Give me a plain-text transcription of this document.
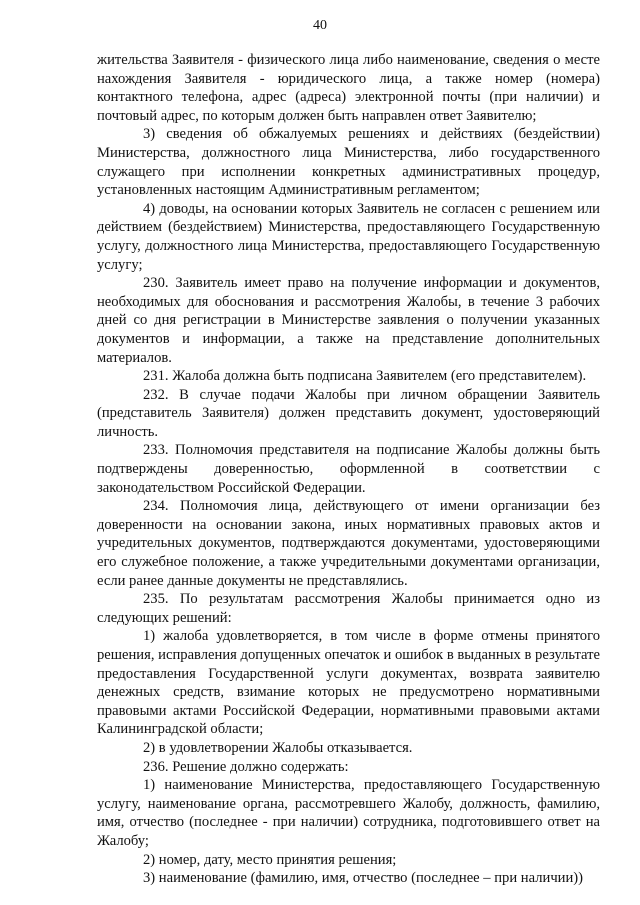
40

жительства Заявителя - физического лица либо наименование, сведения о месте нахождения Заявителя - юридического лица, а также номер (номера) контактного телефона, адрес (адреса) электронной почты (при наличии) и почтовый адрес, по которым должен быть направлен ответ Заявителю;

3) сведения об обжалуемых решениях и действиях (бездействии) Министерства, должностного лица Министерства, либо государственного служащего при исполнении конкретных административных процедур, установленных настоящим Административным регламентом;

4) доводы, на основании которых Заявитель не согласен с решением или действием (бездействием) Министерства, предоставляющего Государственную услугу, должностного лица Министерства, предоставляющего Государственную услугу;

230. Заявитель имеет право на получение информации и документов, необходимых для обоснования и рассмотрения Жалобы, в течение 3 рабочих дней со дня регистрации в Министерстве заявления о получении указанных документов и информации, а также на представление дополнительных материалов.

231. Жалоба должна быть подписана Заявителем (его представителем).

232. В случае подачи Жалобы при личном обращении Заявитель (представитель Заявителя) должен представить документ, удостоверяющий личность.

233. Полномочия представителя на подписание Жалобы должны быть подтверждены доверенностью, оформленной в соответствии с законодательством Российской Федерации.

234. Полномочия лица, действующего от имени организации без доверенности на основании закона, иных нормативных правовых актов и учредительных документов, подтверждаются документами, удостоверяющими его служебное положение, а также учредительными документами организации, если ранее данные документы не представлялись.

235. По результатам рассмотрения Жалобы принимается одно из следующих решений:

1) жалоба удовлетворяется, в том числе в форме отмены принятого решения, исправления допущенных опечаток и ошибок в выданных в результате предоставления Государственной услуги документах, возврата заявителю денежных средств, взимание которых не предусмотрено нормативными правовыми актами Российской Федерации, нормативными правовыми актами Калининградской области;

2) в удовлетворении Жалобы отказывается.

236. Решение должно содержать:

1) наименование Министерства, предоставляющего Государственную услугу, наименование органа, рассмотревшего Жалобу, должность, фамилию, имя, отчество (последнее - при наличии) сотрудника, подготовившего ответ на Жалобу;

2) номер, дату, место принятия решения;

3) наименование (фамилию, имя, отчество (последнее – при наличии))
